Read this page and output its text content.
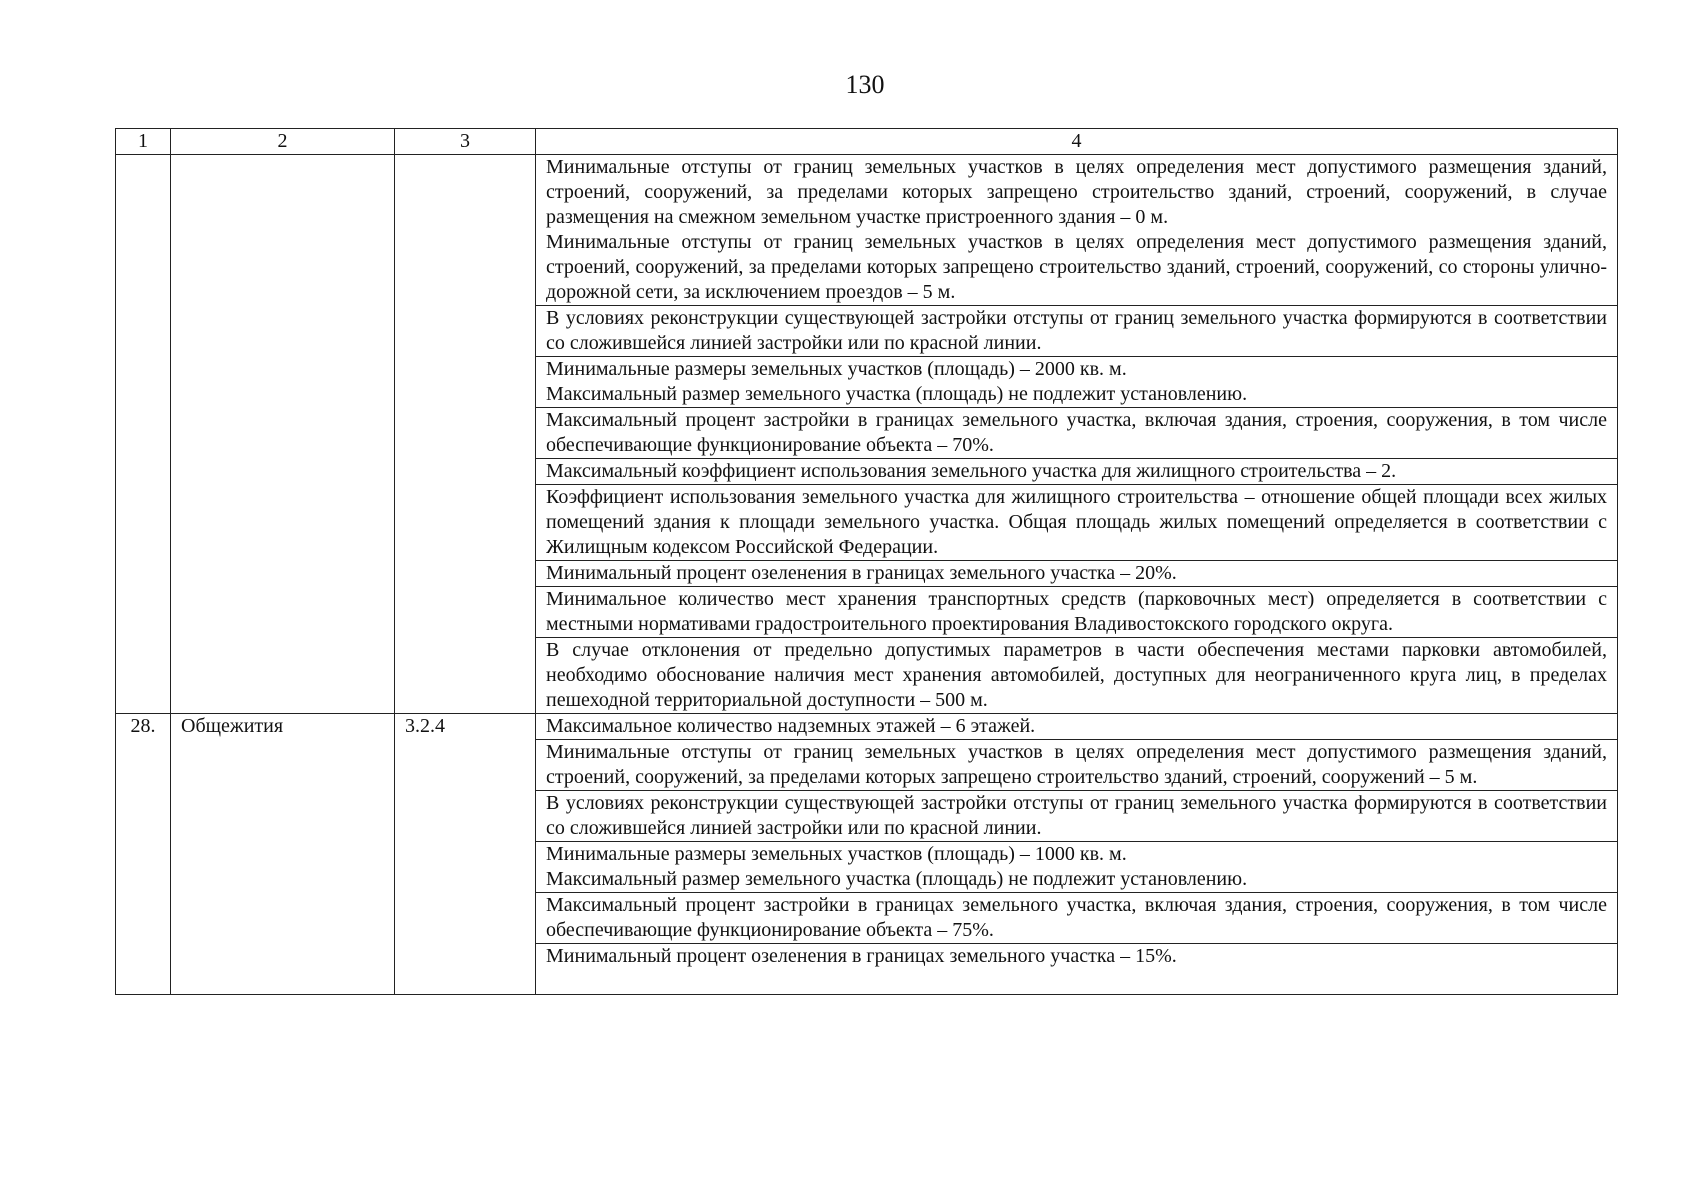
130
1	2	3	4

			Минимальные отступы от границ земельных участков в целях определения мест допустимого размещения зданий, строений, сооружений, за пределами которых запрещено строительство зданий, строений, сооружений, в случае размещения на смежном земельном участке пристроенного здания – 0 м.
Минимальные отступы от границ земельных участков в целях определения мест допустимого размещения зданий, строений, сооружений, за пределами которых запрещено строительство зданий, строений, сооружений, со стороны улично-дорожной сети, за исключением проездов – 5 м.

			В условиях реконструкции существующей застройки отступы от границ земельного участка формируются в соответствии со сложившейся линией застройки или по красной линии.

			Минимальные размеры земельных участков (площадь) – 2000 кв. м.
Максимальный размер земельного участка (площадь) не подлежит установлению.

			Максимальный процент застройки в границах земельного участка, включая здания, строения, сооружения, в том числе обеспечивающие функционирование объекта – 70%.

			Максимальный коэффициент использования земельного участка для жилищного строительства – 2.

			Коэффициент использования земельного участка для жилищного строительства – отношение общей площади всех жилых помещений здания к площади земельного участка. Общая площадь жилых помещений определяется в соответствии с Жилищным кодексом Российской Федерации.

			Минимальный процент озеленения в границах земельного участка – 20%.

			Минимальное количество мест хранения транспортных средств (парковочных мест) определяется в соответствии с местными нормативами градостроительного проектирования Владивостокского городского округа.

			В случае отклонения от предельно допустимых параметров в части обеспечения местами парковки автомобилей, необходимо обоснование наличия мест хранения автомобилей, доступных для неограниченного круга лиц, в пределах пешеходной территориальной доступности – 500 м.

28.	Общежития	3.2.4	Максимальное количество надземных этажей – 6 этажей.

			Минимальные отступы от границ земельных участков в целях определения мест допустимого размещения зданий, строений, сооружений, за пределами которых запрещено строительство зданий, строений, сооружений – 5 м.

			В условиях реконструкции существующей застройки отступы от границ земельного участка формируются в соответствии со сложившейся линией застройки или по красной линии.

			Минимальные размеры земельных участков (площадь) – 1000 кв. м.
Максимальный размер земельного участка (площадь) не подлежит установлению.

			Максимальный процент застройки в границах земельного участка, включая здания, строения, сооружения, в том числе обеспечивающие функционирование объекта – 75%.

			Минимальный процент озеленения в границах земельного участка – 15%.
